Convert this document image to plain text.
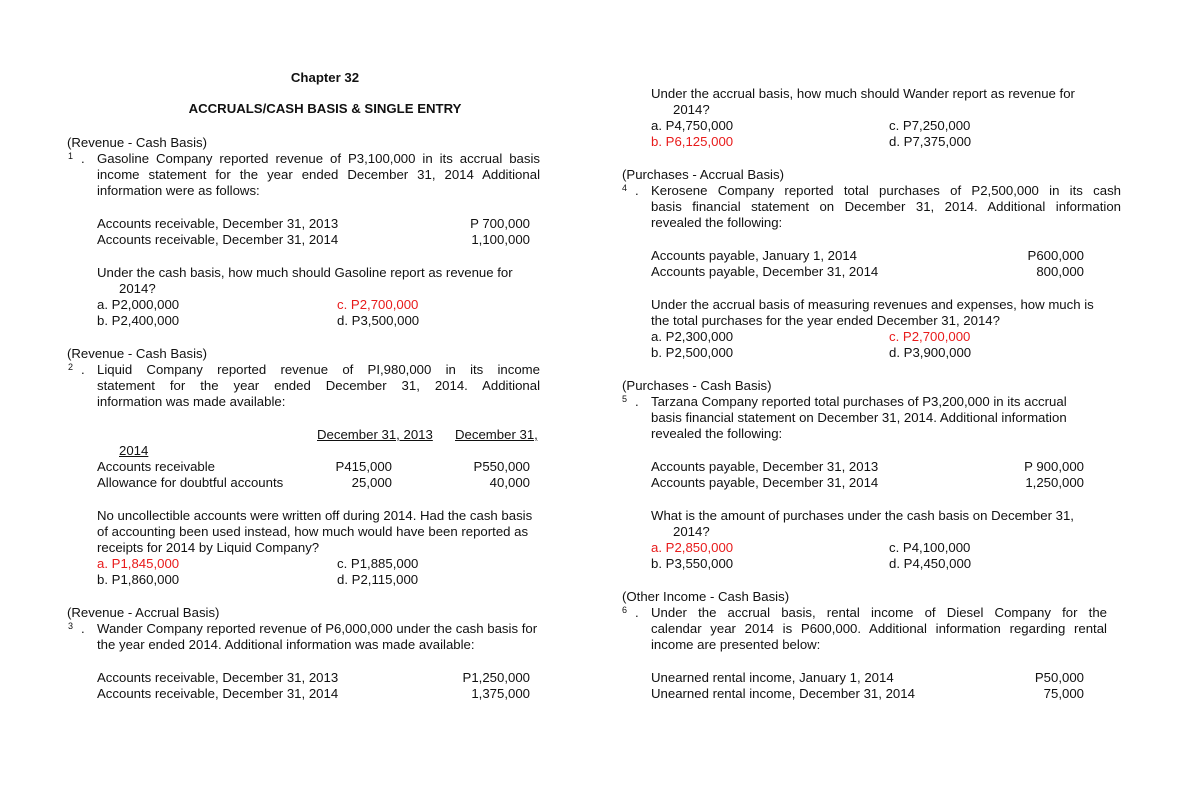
Chapter 32
ACCRUALS/CASH BASIS & SINGLE ENTRY
(Revenue - Cash Basis)
1 . Gasoline Company reported revenue of P3,100,000 in its accrual basis
income statement for the year ended December 31, 2014 Additional
information were as follows:
Accounts receivable, December 31, 2013	P 700,000
Accounts receivable, December 31, 2014	1,100,000
Under the cash basis, how much should Gasoline report as revenue for
2014?
a. P2,000,000	c. P2,700,000
b. P2,400,000	d. P3,500,000
(Revenue - Cash Basis)
2 . Liquid Company reported revenue of PI,980,000 in its income
statement for the year ended December 31, 2014. Additional
information was made available:
December 31, 2013 December 31,
2014
Accounts receivable	P415,000	P550,000
Allowance for doubtful accounts	25,000	40,000
No uncollectible accounts were written off during 2014. Had the cash basis
of accounting been used instead, how much would have been reported as
receipts for 2014 by Liquid Company?
a. P1,845,000	c. P1,885,000
b. P1,860,000	d. P2,115,000
(Revenue - Accrual Basis)
3 . Wander Company reported revenue of P6,000,000 under the cash basis for
the year ended 2014. Additional information was made available:
Accounts receivable, December 31, 2013	P1,250,000
Accounts receivable, December 31, 2014	1,375,000
Under the accrual basis, how much should Wander report as revenue for
2014?
a. P4,750,000	c. P7,250,000
b. P6,125,000	d. P7,375,000
(Purchases - Accrual Basis)
4 . Kerosene Company reported total purchases of P2,500,000 in its cash
basis financial statement on December 31, 2014. Additional information
revealed the following:
Accounts payable, January 1, 2014	P600,000
Accounts payable, December 31, 2014	800,000
Under the accrual basis of measuring revenues and expenses, how much is
the total purchases for the year ended December 31, 2014?
a. P2,300,000	c. P2,700,000
b. P2,500,000	d. P3,900,000
(Purchases - Cash Basis)
5 . Tarzana Company reported total purchases of P3,200,000 in its accrual
basis financial statement on December 31, 2014. Additional information
revealed the following:
Accounts payable, December 31, 2013	P 900,000
Accounts payable, December 31, 2014	1,250,000
What is the amount of purchases under the cash basis on December 31,
2014?
a. P2,850,000	c. P4,100,000
b. P3,550,000	d. P4,450,000
(Other Income - Cash Basis)
6 . Under the accrual basis, rental income of Diesel Company for the
calendar year 2014 is P600,000. Additional information regarding rental
income are presented below:
Unearned rental income, January 1, 2014	P50,000
Unearned rental income, December 31, 2014	75,000
